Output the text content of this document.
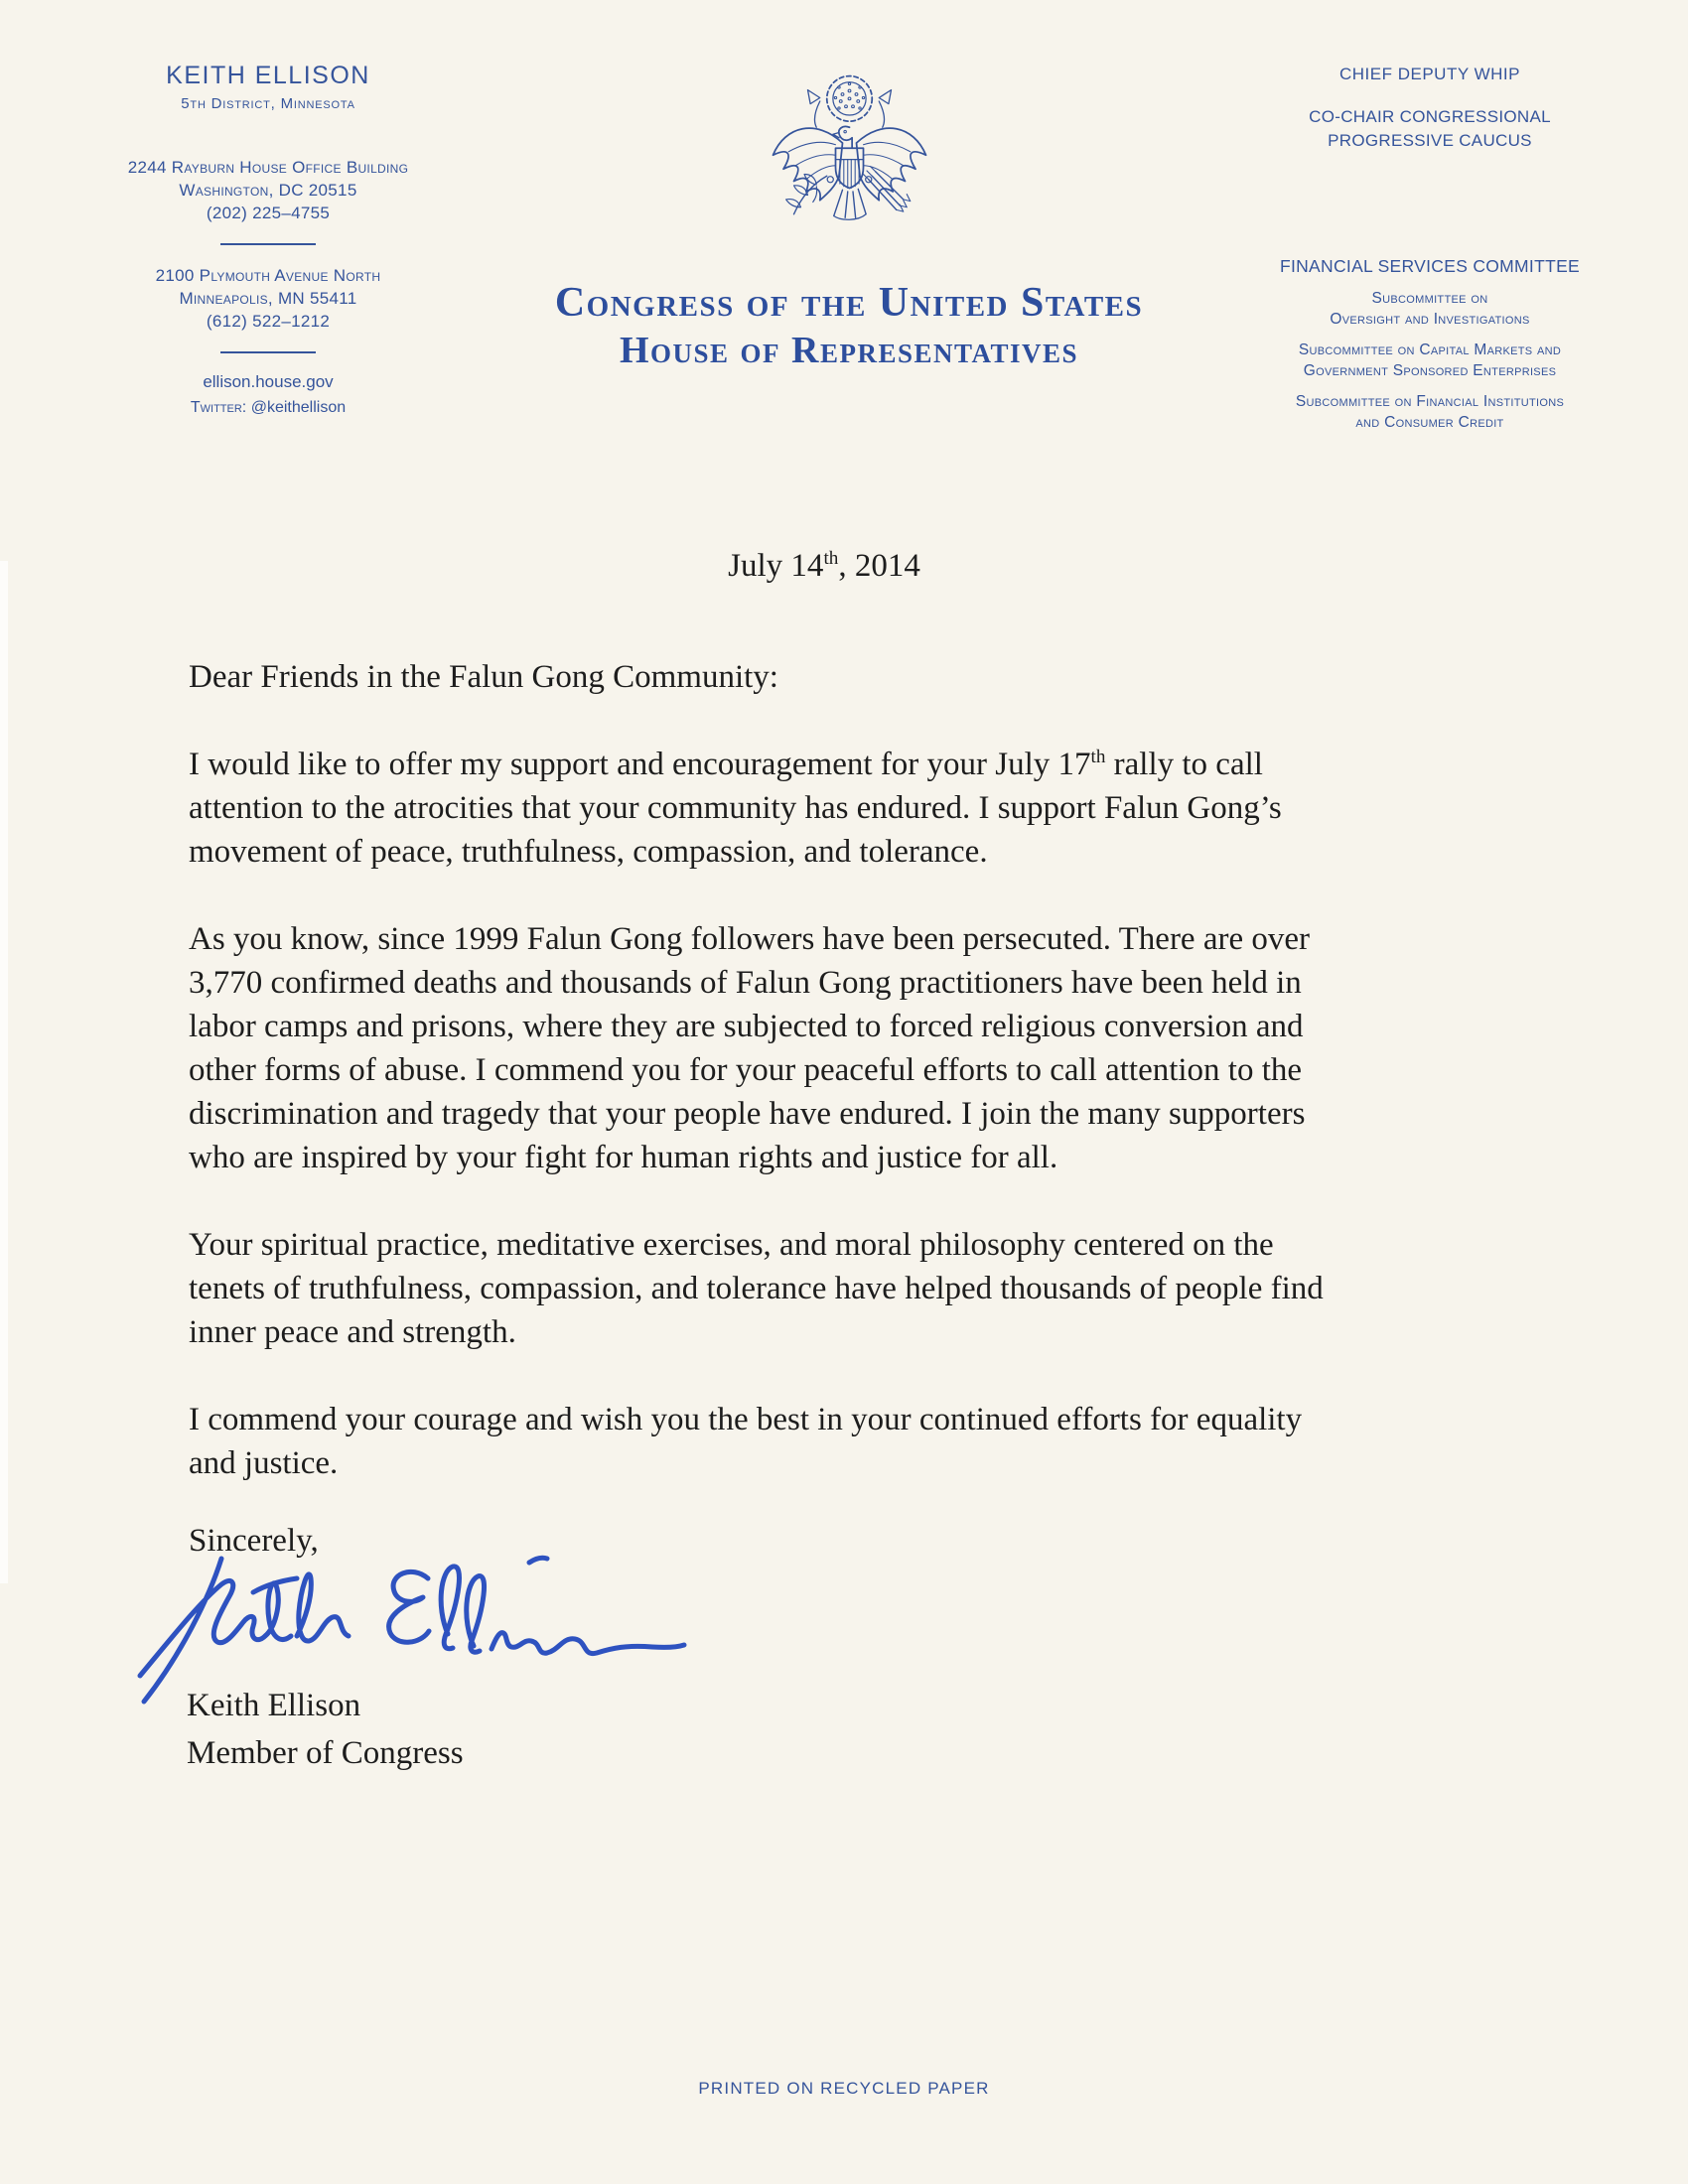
KEITH ELLISON
5th District, Minnesota
2244 Rayburn House Office Building
Washington, DC 20515
(202) 225–4755
2100 Plymouth Avenue North
Minneapolis, MN 55411
(612) 522–1212
ellison.house.gov
Twitter: @keithellison
Congress of the United States
House of Representatives
CHIEF DEPUTY WHIP
CO-CHAIR CONGRESSIONAL
PROGRESSIVE CAUCUS
FINANCIAL SERVICES COMMITTEE
Subcommittee on
Oversight and Investigations
Subcommittee on Capital Markets and
Government Sponsored Enterprises
Subcommittee on Financial Institutions
and Consumer Credit
July 14th, 2014
Dear Friends in the Falun Gong Community:
I would like to offer my support and encouragement for your July 17th rally to call
attention to the atrocities that your community has endured. I support Falun Gong’s
movement of peace, truthfulness, compassion, and tolerance.
As you know, since 1999 Falun Gong followers have been persecuted. There are over
3,770 confirmed deaths and thousands of Falun Gong practitioners have been held in
labor camps and prisons, where they are subjected to forced religious conversion and
other forms of abuse. I commend you for your peaceful efforts to call attention to the
discrimination and tragedy that your people have endured. I join the many supporters
who are inspired by your fight for human rights and justice for all.
Your spiritual practice, meditative exercises, and moral philosophy centered on the
tenets of truthfulness, compassion, and tolerance have helped thousands of people find
inner peace and strength.
I commend your courage and wish you the best in your continued efforts for equality
and justice.
Sincerely,
Keith Ellison
Member of Congress
PRINTED ON RECYCLED PAPER
